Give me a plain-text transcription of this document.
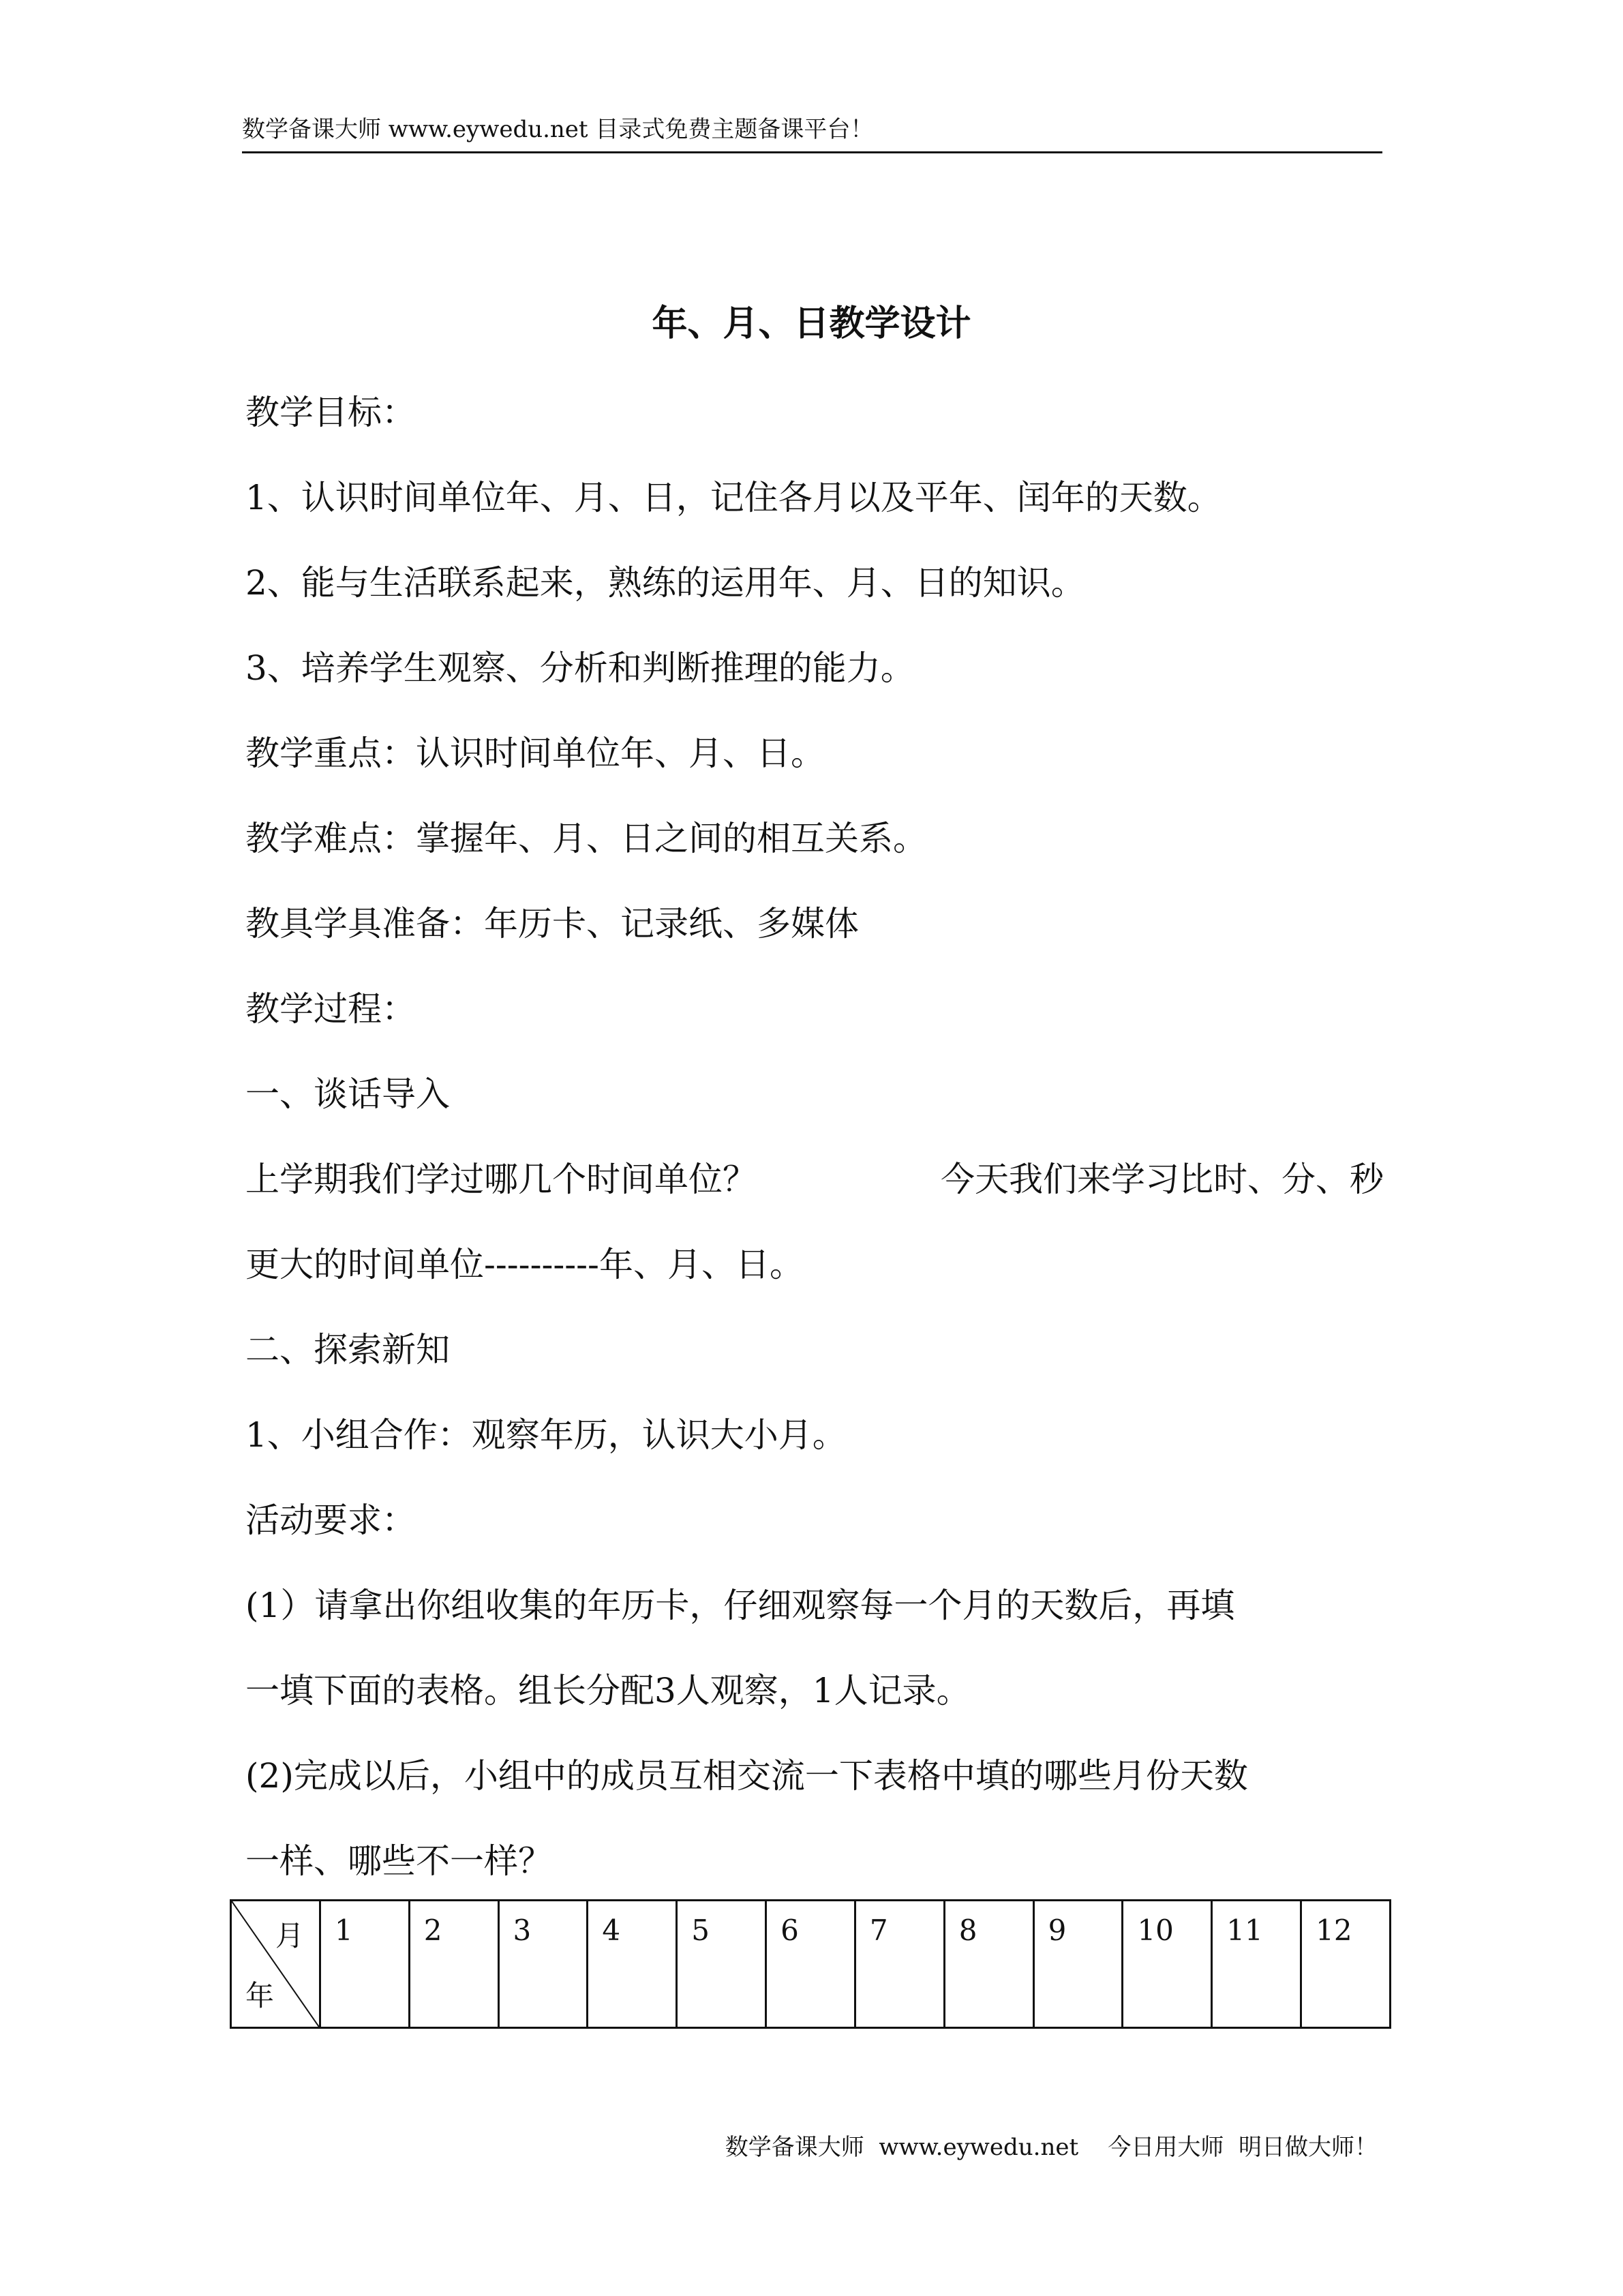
数学备课大师 www.eywedu.net 目录式免费主题备课平台！
年、月、日教学设计
教学目标：
1、认识时间单位年、月、日，记住各月以及平年、闰年的天数。
2、能与生活联系起来，熟练的运用年、月、日的知识。
3、培养学生观察、分析和判断推理的能力。
教学重点：认识时间单位年、月、日。
教学难点：掌握年、月、日之间的相互关系。
教具学具准备：年历卡、记录纸、多媒体
教学过程：
一、谈话导入
上学期我们学过哪几个时间单位？	今天我们来学习比时、分、秒
更大的时间单位----------年、月、日。
二、探索新知
1、小组合作：观察年历，认识大小月。
活动要求：
(1）请拿出你组收集的年历卡，仔细观察每一个月的天数后，再填
一填下面的表格。组长分配3人观察，1人记录。
(2)完成以后，小组中的成员互相交流一下表格中填的哪些月份天数
一样、哪些不一样？
月
年
	1	2	3	4	5	6	7	8	9	10	11	12
数学备课大师  www.eywedu.net    今日用大师  明日做大师！
